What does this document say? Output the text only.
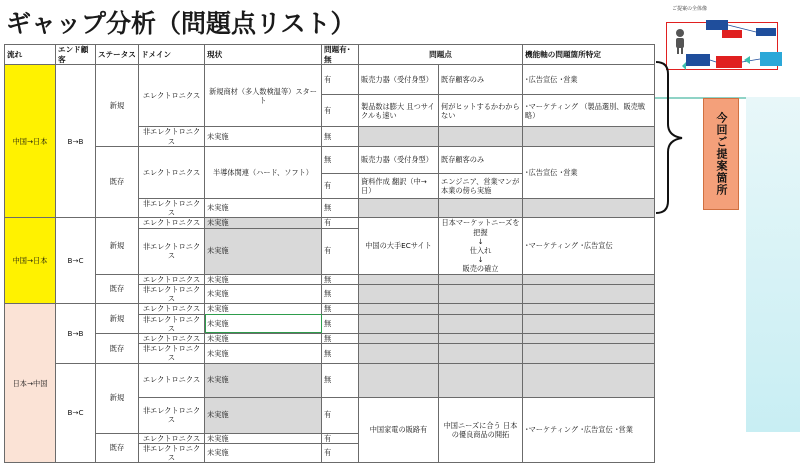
ギャップ分析（問題点リスト）
流れ	エンド顧客	ステータス	ドメイン	現状	問題有･無	問題点		機能軸の問題箇所特定
中国→日本	B→B	新規	エレクトロニクス	新規商材（多人数検温等）スタート	有	販売力器（受付身型）	既存顧客のみ	･広告宣伝 ･営業

					有	製品数は膨大 且つサイクルも速い	何がヒットするかわからない	･マーケティング （製品選別、販売戦略）

			非エレクトロニクス	未実施	無			
		既存	エレクトロニクス	半導体関連（ハード、ソフト）	無	販売力器（受付身型）	既存顧客のみ	･広告宣伝 ･営業

					有	資料作成 翻訳（中→日）	エンジニア、営業マンが 本業の傍ら実施	

			非エレクトロニクス	未実施	無			
中国→日本	B→C	新規	エレクトロニクス	未実施	有	中国の大手ECサイト	日本マーケットニーズを把握
↓
仕入れ
↓
販売の確立	･マーケティング ･広告宣伝
			非エレクトロニクス	未実施	有			

		既存	エレクトロニクス	未実施	無			
			非エレクトロニクス	未実施	無			
日本→中国	B→B	新規	エレクトロニクス	未実施	無			
			非エレクトロニクス	未実施	無			
		既存	エレクトロニクス	未実施	無			
			非エレクトロニクス	未実施	無			
	B→C	新規	エレクトロニクス	未実施	無			

			非エレクトロニクス	未実施	有	中国家電の販路有	中国ニーズに合う 日本の優良商品の開拓	･マーケティング ･広告宣伝 ･営業

		既存	エレクトロニクス	未実施	有			
			非エレクトロニクス	未実施	有			
ご提案の全体像
今回ご提案箇所
